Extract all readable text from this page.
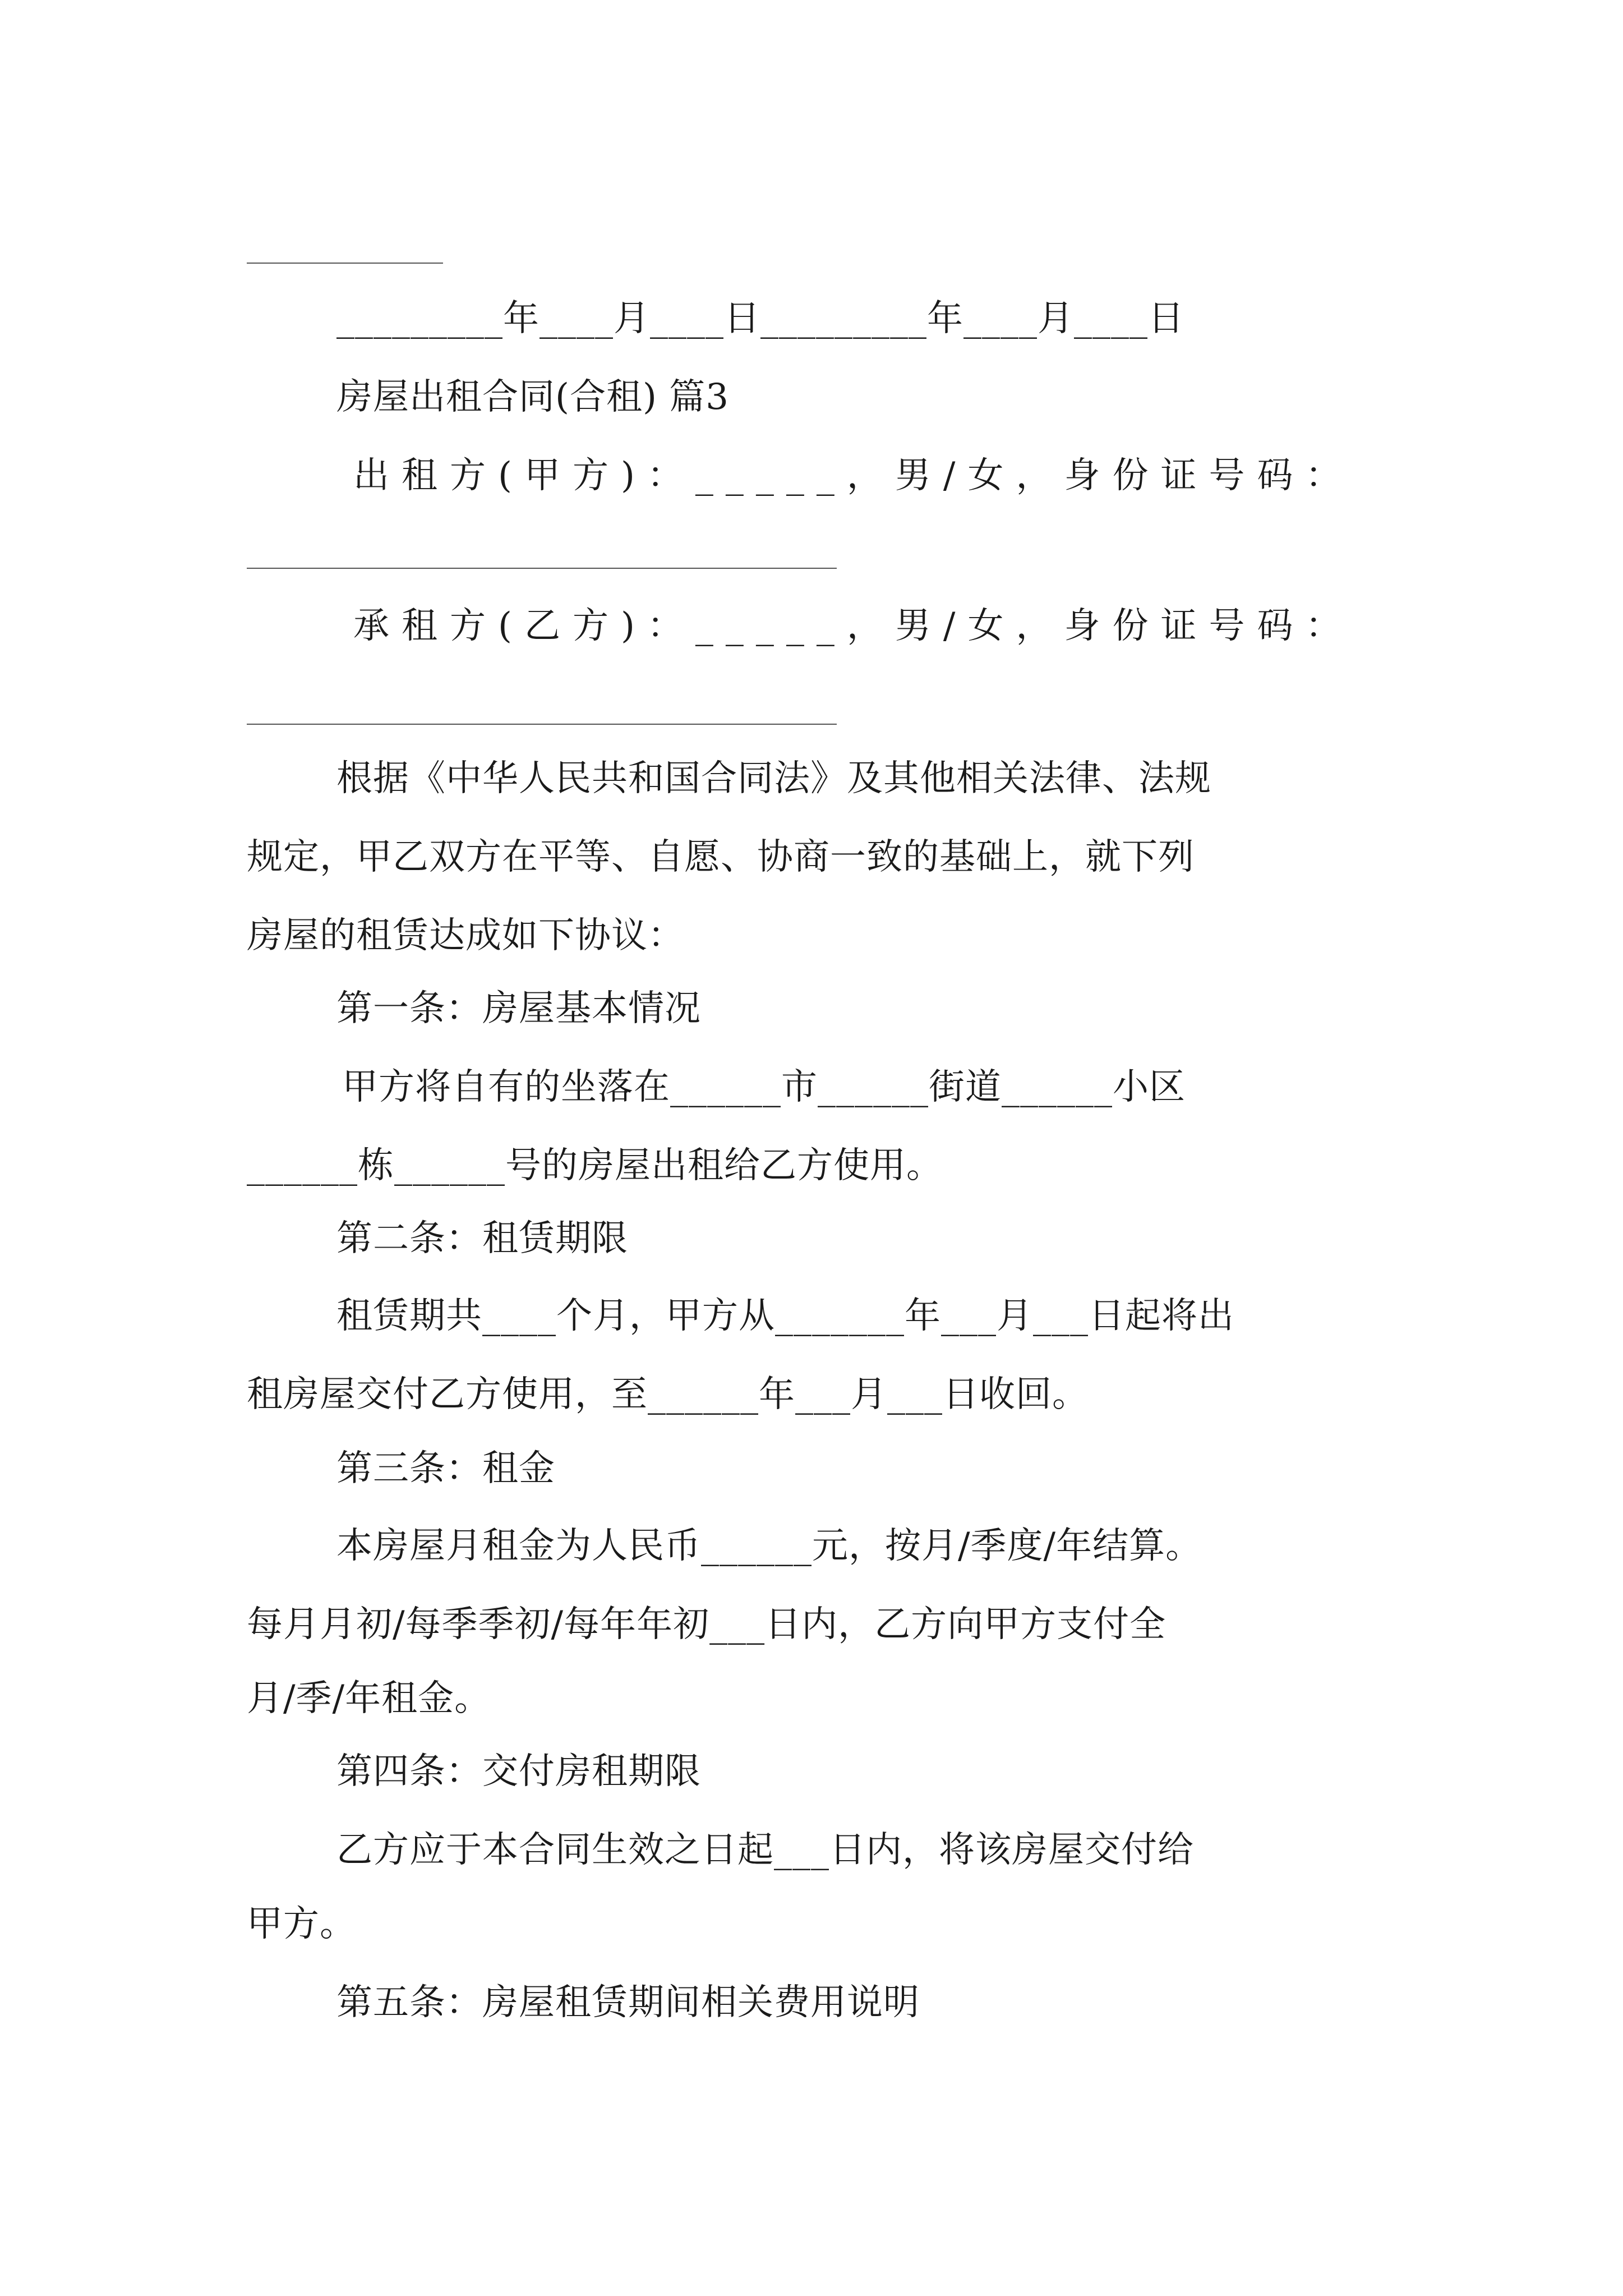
_________年____月____日_________年____月____日
房屋出租合同(合租) 篇3
出租方(甲方)：_____，男/女，身份证号码：
承租方(乙方)：_____，男/女，身份证号码：
根据《中华人民共和国合同法》及其他相关法律、法规
规定，甲乙双方在平等、自愿、协商一致的基础上，就下列
房屋的租赁达成如下协议：
第一条：房屋基本情况
甲方将自有的坐落在______市______街道______小区
______栋______号的房屋出租给乙方使用。
第二条：租赁期限
租赁期共____个月，甲方从_______年___月___日起将出
租房屋交付乙方使用，至______年___月___日收回。
第三条：租金
本房屋月租金为人民币______元，按月/季度/年结算。
每月月初/每季季初/每年年初___日内，乙方向甲方支付全
月/季/年租金。
第四条：交付房租期限
乙方应于本合同生效之日起___日内，将该房屋交付给
甲方。
第五条：房屋租赁期间相关费用说明
